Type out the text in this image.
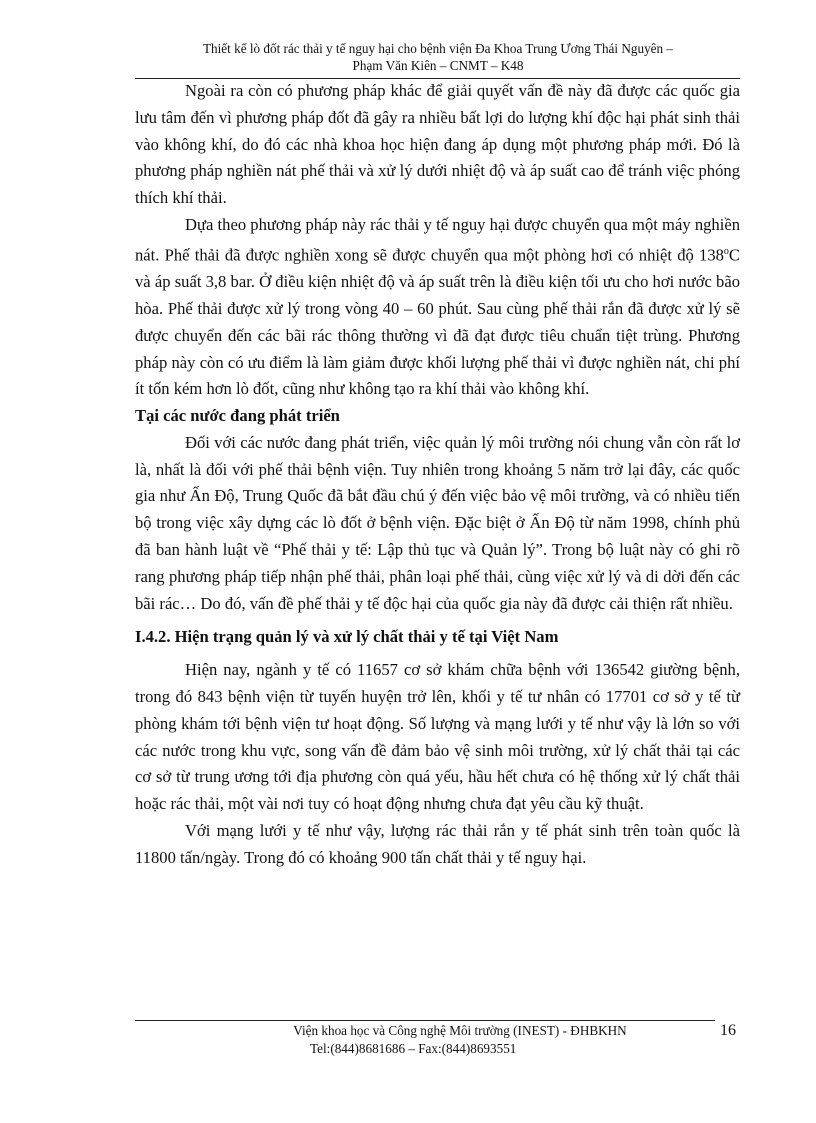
Thiết kế lò đốt rác thải y tế nguy hại cho bệnh viện Đa Khoa Trung Ương Thái Nguyên –
Phạm Văn Kiên – CNMT – K48

Ngoài ra còn có phương pháp khác để giải quyết vấn đề này đã được các quốc gia lưu tâm đến vì phương pháp đốt đã gây ra nhiều bất lợi do lượng khí độc hại phát sinh thải vào không khí, do đó các nhà khoa học hiện đang áp dụng một phương pháp mới. Đó là phương pháp nghiền nát phế thải và xử lý dưới nhiệt độ và áp suất cao để tránh việc phóng thích khí thải.

Dựa theo phương pháp này rác thải y tế nguy hại được chuyển qua một máy nghiền nát. Phế thải đã được nghiền xong sẽ được chuyển qua một phòng hơi có nhiệt độ 138$^o$C và áp suất 3,8 bar. Ở điều kiện nhiệt độ và áp suất trên là điều kiện tối ưu cho hơi nước bão hòa. Phế thải được xử lý trong vòng 40 – 60 phút. Sau cùng phế thải rắn đã được xử lý sẽ được chuyển đến các bãi rác thông thường vì đã đạt được tiêu chuẩn tiệt trùng. Phương pháp này còn có ưu điểm là làm giảm được khối lượng phế thải vì được nghiền nát, chi phí ít tốn kém hơn lò đốt, cũng như không tạo ra khí thải vào không khí.

Tại các nước đang phát triển

Đối với các nước đang phát triển, việc quản lý môi trường nói chung vẫn còn rất lơ là, nhất là đối với phế thải bệnh viện. Tuy nhiên trong khoảng 5 năm trở lại đây, các quốc gia như Ấn Độ, Trung Quốc đã bắt đầu chú ý đến việc bảo vệ môi trường, và có nhiều tiến bộ trong việc xây dựng các lò đốt ở bệnh viện. Đặc biệt ở Ấn Độ từ năm 1998, chính phủ đã ban hành luật về “Phế thải y tế: Lập thủ tục và Quản lý”. Trong bộ luật này có ghi rõ rang phương pháp tiếp nhận phế thải, phân loại phế thải, cùng việc xử lý và di dời đến các bãi rác… Do đó, vấn đề phế thải y tế độc hại của quốc gia này đã được cải thiện rất nhiều.

I.4.2. Hiện trạng quản lý và xử lý chất thải y tế tại Việt Nam

Hiện nay, ngành y tế có 11657 cơ sở khám chữa bệnh với 136542 giường bệnh, trong đó 843 bệnh viện từ tuyến huyện trở lên, khối y tế tư nhân có 17701 cơ sở y tế từ phòng khám tới bệnh viện tư hoạt động. Số lượng và mạng lưới y tế như vậy là lớn so với các nước trong khu vực, song vấn đề đảm bảo vệ sinh môi trường, xử lý chất thải tại các cơ sở từ trung ương tới địa phương còn quá yếu, hầu hết chưa có hệ thống xử lý chất thải hoặc rác thải, một vài nơi tuy có hoạt động nhưng chưa đạt yêu cầu kỹ thuật.

Với mạng lưới y tế như vậy, lượng rác thải rắn y tế phát sinh trên toàn quốc là 11800 tấn/ngày. Trong đó có khoảng 900 tấn chất thải y tế nguy hại.

Viện khoa học và Công nghệ Môi trường (INEST) - ĐHBKHN
Tel:(844)8681686 – Fax:(844)8693551
16
